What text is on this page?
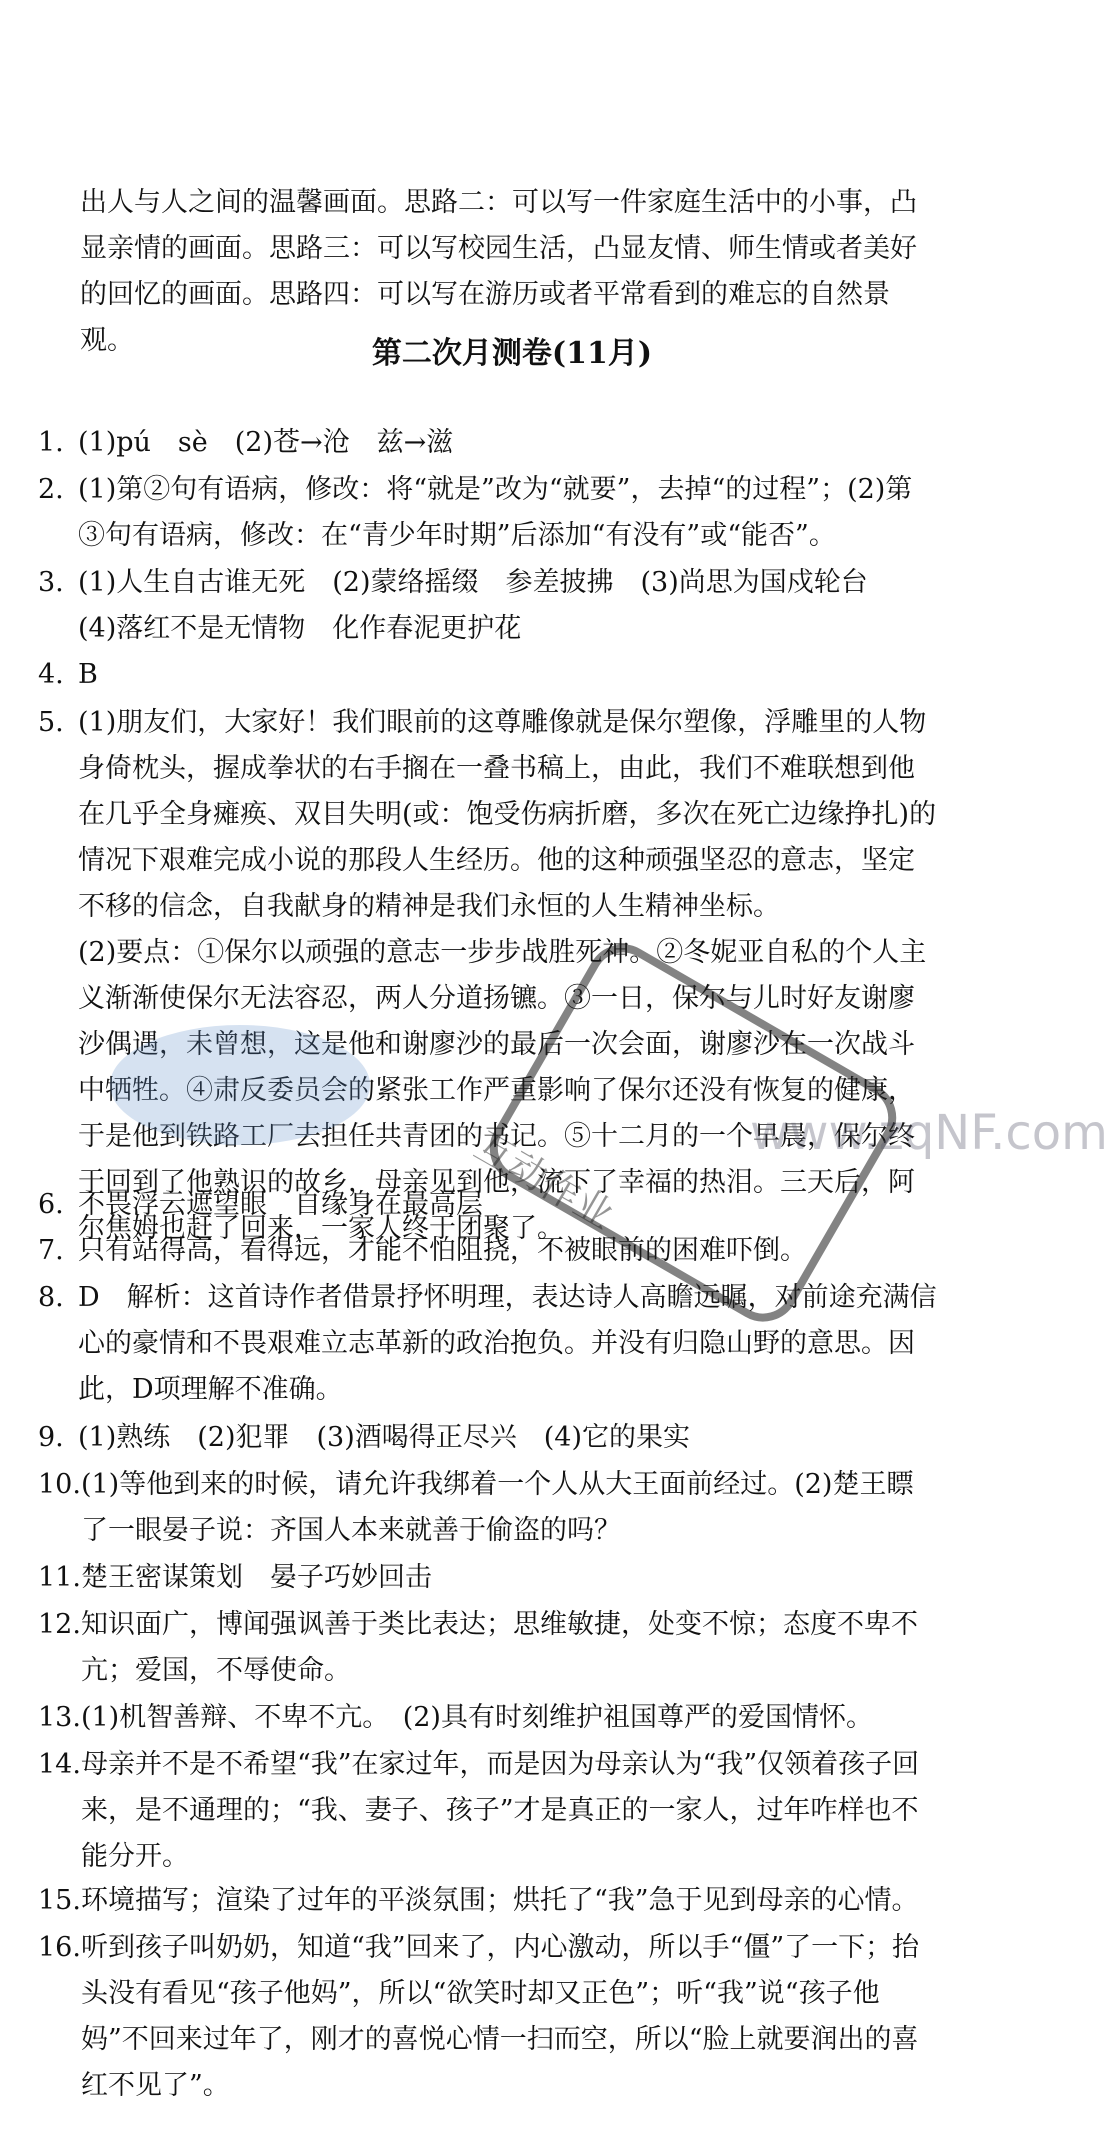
出人与人之间的温馨画面。思路二：可以写一件家庭生活中的小事，凸显亲情的画面。思路三：可以写校园生活，凸显友情、师生情或者美好的回忆的画面。思路四：可以写在游历或者平常看到的难忘的自然景观。	第二次月测卷(11月)
1. (1)pú　sè　(2)苍→沧　兹→滋

2. (1)第②句有语病，修改：将“就是”改为“就要”，去掉“的过程”；(2)第③句有语病，修改：在“青少年时期”后添加“有没有”或“能否”。

3. (1)人生自古谁无死　(2)蒙络摇缀　参差披拂　(3)尚思为国戍轮台

(4)落红不是无情物　化作春泥更护花

4. B

5. (1)朋友们，大家好！我们眼前的这尊雕像就是保尔塑像，浮雕里的人物身倚枕头，握成拳状的右手搁在一叠书稿上，由此，我们不难联想到他在几乎全身瘫痪、双目失明(或：饱受伤病折磨，多次在死亡边缘挣扎)的情况下艰难完成小说的那段人生经历。他的这种顽强坚忍的意志，坚定不移的信念，自我献身的精神是我们永恒的人生精神坐标。

(2)要点：①保尔以顽强的意志一步步战胜死神。②冬妮亚自私的个人主义渐渐使保尔无法容忍，两人分道扬镳。③一日，保尔与儿时好友谢廖沙偶遇，未曾想，这是他和谢廖沙的最后一次会面，谢廖沙在一次战斗中牺牲。④肃反委员会的紧张工作严重影响了保尔还没有恢复的健康，于是他到铁路工厂去担任共青团的书记。⑤十二月的一个早晨，保尔终于回到了他熟识的故乡，母亲见到他，流下了幸福的热泪。三天后，阿尔焦姆也赶了回来，一家人终于团聚了。

6. 不畏浮云遮望眼　自缘身在最高层

7. 只有站得高，看得远，才能不怕阻挠，不被眼前的困难吓倒。

8. D　解析：这首诗作者借景抒怀明理，表达诗人高瞻远瞩，对前途充满信心的豪情和不畏艰难立志革新的政治抱负。并没有归隐山野的意思。因此，D项理解不准确。

9. (1)熟练　(2)犯罪　(3)酒喝得正尽兴　(4)它的果实

10. (1)等他到来的时候，请允许我绑着一个人从大王面前经过。(2)楚王瞟了一眼晏子说：齐国人本来就善于偷盗的吗？

11. 楚王密谋策划　晏子巧妙回击

12. 知识面广，博闻强讽善于类比表达；思维敏捷，处变不惊；态度不卑不亢；爱国，不辱使命。

13. (1)机智善辩、不卑不亢。　(2)具有时刻维护祖国尊严的爱国情怀。

14. 母亲并不是不希望“我”在家过年，而是因为母亲认为“我”仅领着孩子回来，是不通理的；“我、妻子、孩子”才是真正的一家人，过年咋样也不能分开。

15. 环境描写；渲染了过年的平淡氛围；烘托了“我”急于见到母亲的心情。

16. 听到孩子叫奶奶，知道“我”回来了，内心激动，所以手“僵”了一下；抬头没有看见“孩子他妈”，所以“欲笑时却又正色”；听“我”说“孩子他妈”不回来过年了，刚才的喜悦心情一扫而空，所以“脸上就要润出的喜红不见了”。

互动作业	www.zqNF.com
